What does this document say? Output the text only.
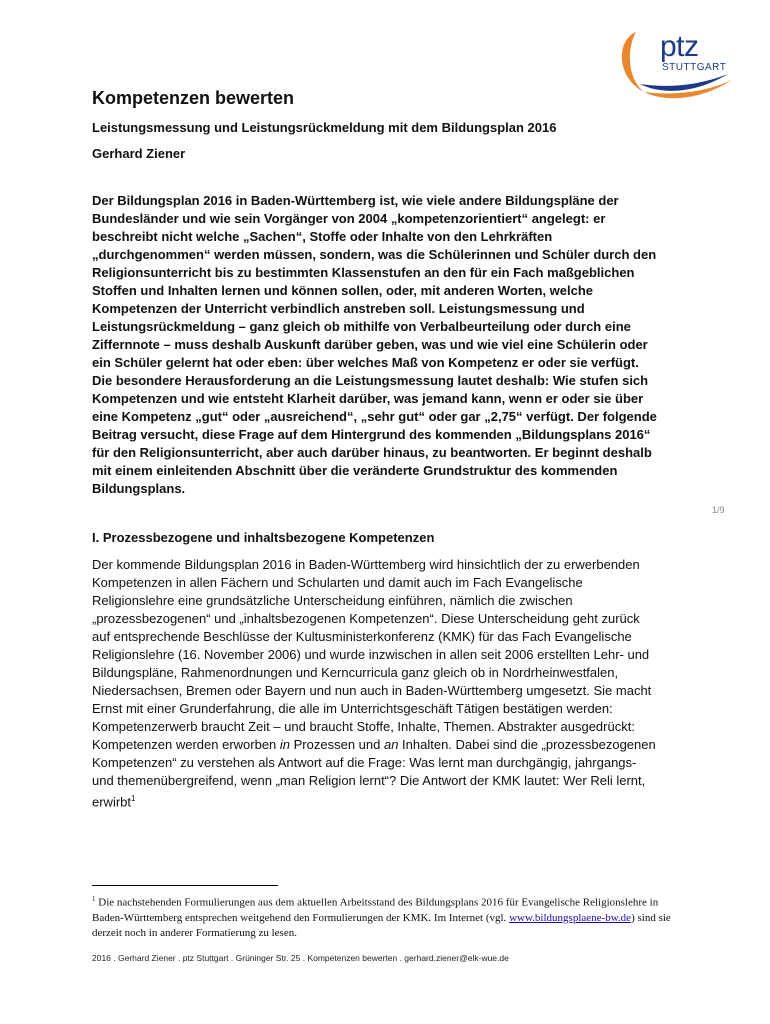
ptz
STUTTGART
Kompetenzen bewerten

Leistungsmessung und Leistungsrückmeldung mit dem Bildungsplan 2016

Gerhard Ziener

Der Bildungsplan 2016 in Baden-Württemberg ist, wie viele andere Bildungspläne der Bundesländer und wie sein Vorgänger von 2004 „kompetenzorientiert“ angelegt: er beschreibt nicht welche „Sachen“, Stoffe oder Inhalte von den Lehrkräften „durchgenommen“ werden müssen, sondern, was die Schülerinnen und Schüler durch den Religionsunterricht bis zu bestimmten Klassenstufen an den für ein Fach maßgeblichen Stoffen und Inhalten lernen und können sollen, oder, mit anderen Worten, welche Kompetenzen der Unterricht verbindlich anstreben soll. Leistungsmessung und Leistungsrückmeldung – ganz gleich ob mithilfe von Verbalbeurteilung oder durch eine Ziffernnote – muss deshalb Auskunft darüber geben, was und wie viel eine Schülerin oder ein Schüler gelernt hat oder eben: über welches Maß von Kompetenz er oder sie verfügt. Die besondere Herausforderung an die Leistungsmessung lautet deshalb: Wie stufen sich Kompetenzen und wie entsteht Klarheit darüber, was jemand kann, wenn er oder sie über eine Kompetenz „gut“ oder „ausreichend“, „sehr gut“ oder gar „2,75“ verfügt. Der folgende Beitrag versucht, diese Frage auf dem Hintergrund des kommenden „Bildungsplans 2016“ für den Religionsunterricht, aber auch darüber hinaus, zu beantworten. Er beginnt deshalb mit einem einleitenden Abschnitt über die veränderte Grundstruktur des kommenden Bildungsplans.

1/9
I. Prozessbezogene und inhaltsbezogene Kompetenzen

Der kommende Bildungsplan 2016 in Baden-Württemberg wird hinsichtlich der zu erwerbenden Kompetenzen in allen Fächern und Schularten und damit auch im Fach Evangelische Religionslehre eine grundsätzliche Unterscheidung einführen, nämlich die zwischen „prozessbezogenen“ und „inhaltsbezogenen Kompetenzen“. Diese Unterscheidung geht zurück auf entsprechende Beschlüsse der Kultusministerkonferenz (KMK) für das Fach Evangelische Religionslehre (16. November 2006) und wurde inzwischen in allen seit 2006 erstellten Lehr- und Bildungspläne, Rahmenordnungen und Kerncurricula ganz gleich ob in Nordrheinwestfalen, Niedersachsen, Bremen oder Bayern und nun auch in Baden-Württemberg umgesetzt. Sie macht Ernst mit einer Grunderfahrung, die alle im Unterrichtsgeschäft Tätigen bestätigen werden: Kompetenzerwerb braucht Zeit – und braucht Stoffe, Inhalte, Themen. Abstrakter ausgedrückt: Kompetenzen werden erworben in Prozessen und an Inhalten. Dabei sind die „prozessbezogenen Kompetenzen“ zu verstehen als Antwort auf die Frage: Was lernt man durchgängig, jahrgangs- und themenübergreifend, wenn „man Religion lernt“? Die Antwort der KMK lautet: Wer Reli lernt, erwirbt$^1$

$^1$ Die nachstehenden Formulierungen aus dem aktuellen Arbeitsstand des Bildungsplans 2016 für Evangelische Religionslehre in Baden-Württemberg entsprechen weitgehend den Formulierungen der KMK. Im Internet (vgl. www.bildungsplaene-bw.de) sind sie derzeit noch in anderer Formatierung zu lesen.

2016 . Gerhard Ziener . ptz Stuttgart . Grüninger Str. 25 . Kompetenzen bewerten . gerhard.ziener@elk-wue.de
